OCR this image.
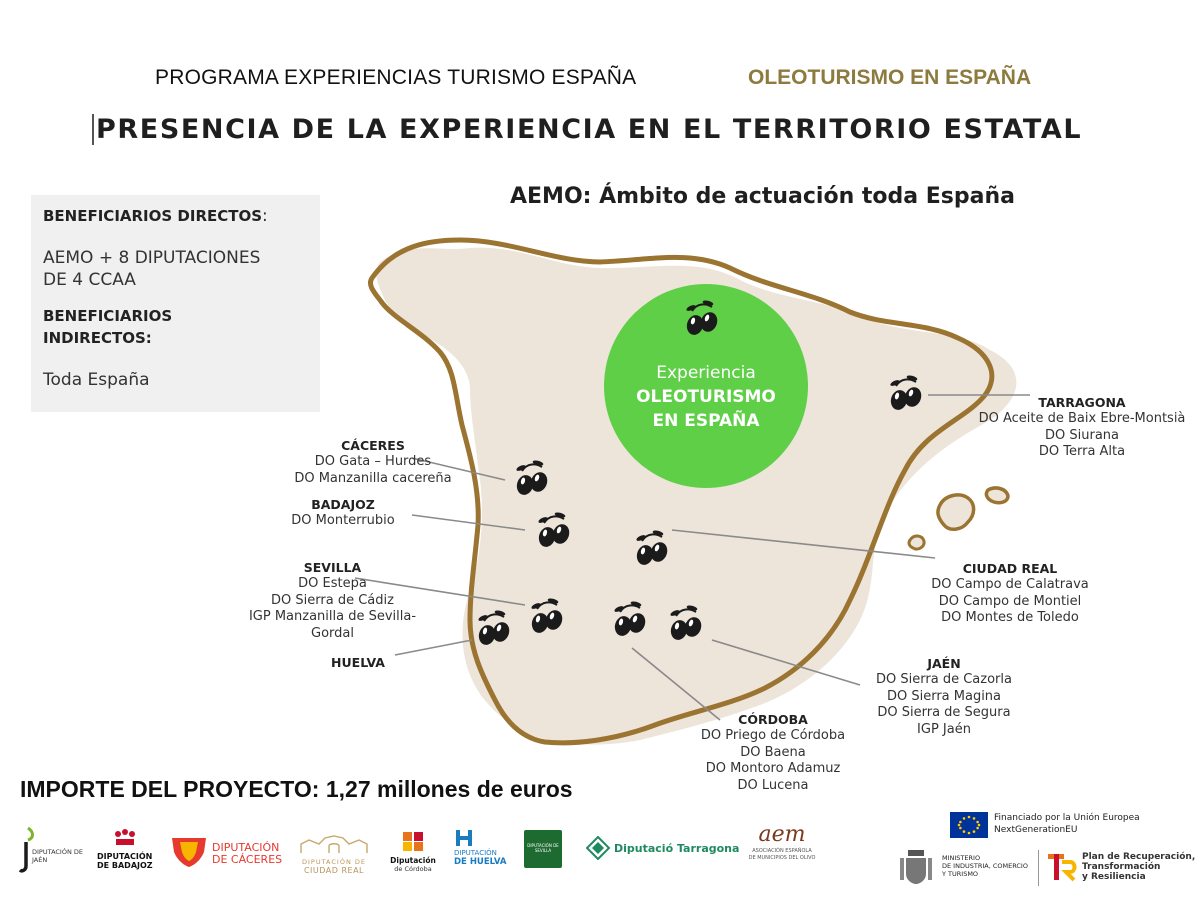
PROGRAMA EXPERIENCIAS TURISMO ESPAÑA	OLEOTURISMO EN ESPAÑA
PRESENCIA DE LA EXPERIENCIA EN EL TERRITORIO ESTATAL
Experiencia
OLEOTURISMO
EN ESPAÑA
AEMO: Ámbito de actuación toda España
BENEFICIARIOS DIRECTOS:
AEMO + 8 DIPUTACIONES
DE 4 CCAA
BENEFICIARIOS
INDIRECTOS:
Toda España
CÁCERES
DO Gata – Hurdes
DO Manzanilla cacereña
BADAJOZ
DO Monterrubio
SEVILLA
DO Estepa
DO Sierra de Cádiz
IGP Manzanilla de Sevilla-
Gordal
HUELVA
TARRAGONA
DO Aceite de Baix Ebre-Montsià
DO Siurana
DO Terra Alta
CIUDAD REAL
DO Campo de Calatrava
DO Campo de Montiel
DO Montes de Toledo
JAÉN
DO Sierra de Cazorla
DO Sierra Magina
DO Sierra de Segura
IGP Jaén
CÓRDOBA
DO Priego de Córdoba
DO Baena
DO Montoro Adamuz
DO Lucena
IMPORTE DEL PROYECTO: 1,27 millones de euros
DIPUTACIÓN DE JAÉN	DIPUTACIÓN
DE BADAJOZ
DIPUTACIÓN
DE CÁCERES	DIPUTACIÓN DE
CIUDAD REAL
Diputación
de Córdoba
DIPUTACIÓN
DE HUELVA
DIPUTACIÓN DE SEVILLA	Diputació Tarragona
aem
ASOCIACIÓN ESPAÑOLA
DE MUNICIPIOS DEL OLIVO
Financiado por la Unión Europea
NextGenerationEU
MINISTERIO
DE INDUSTRIA, COMERCIO
Y TURISMO
Plan de Recuperación,
Transformación
y Resiliencia
